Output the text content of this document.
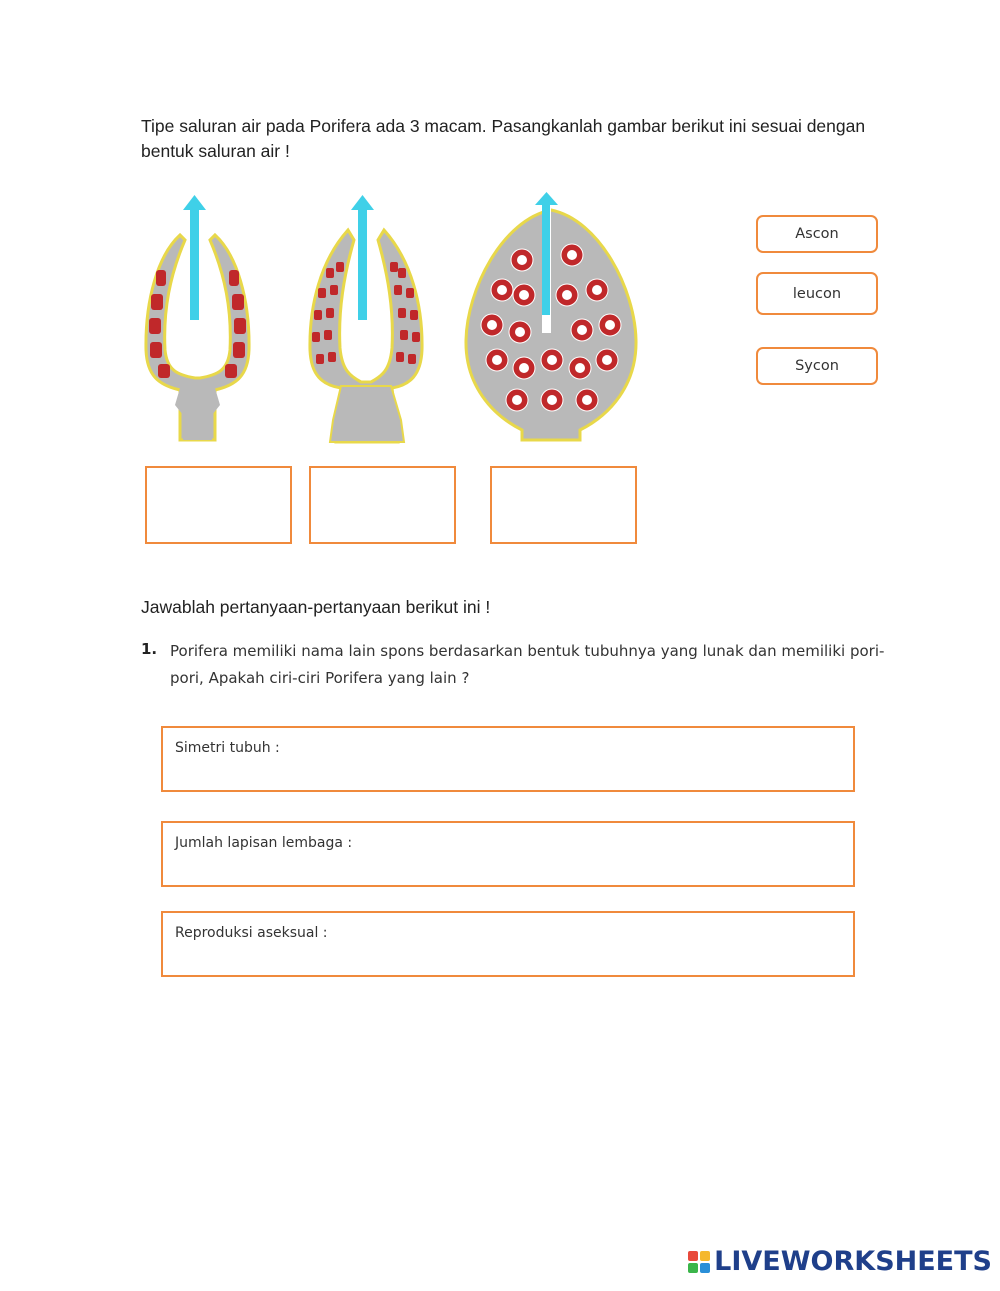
Tipe saluran air pada Porifera ada 3 macam. Pasangkanlah gambar berikut ini sesuai dengan bentuk saluran air !
Ascon
leucon
Sycon
Jawablah pertanyaan-pertanyaan berikut ini !
1. Porifera memiliki nama lain spons berdasarkan bentuk tubuhnya yang lunak dan memiliki pori-pori, Apakah ciri-ciri Porifera yang lain ?
Simetri tubuh :
Jumlah lapisan lembaga :
Reproduksi aseksual :
LIVEWORKSHEETS
